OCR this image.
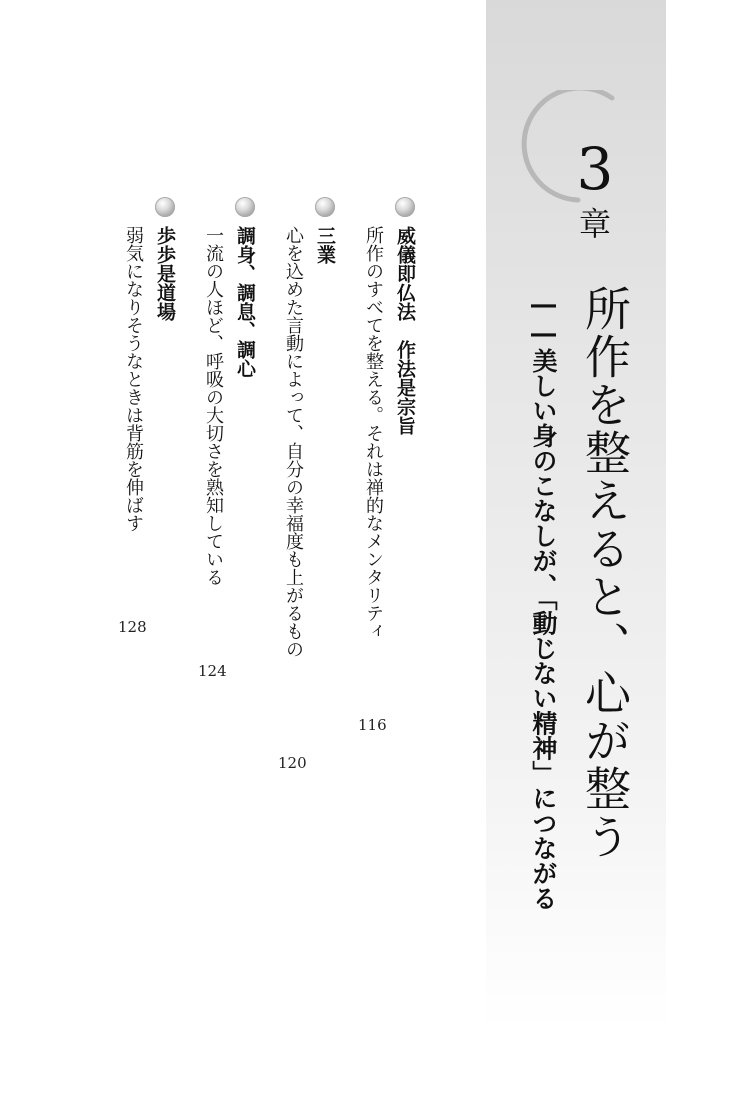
3
章

所作を整えると、心が整う

――美しい身のこなしが、「動じない精神」につながる

威儀即仏法　作法是宗旨

所作のすべてを整える。それは禅的なメンタリティ

116

三業

心を込めた言動によって、自分の幸福度も上がるもの

120

調身、調息、調心

一流の人ほど、呼吸の大切さを熟知している

124

歩歩是道場

弱気になりそうなときは背筋を伸ばす

128
